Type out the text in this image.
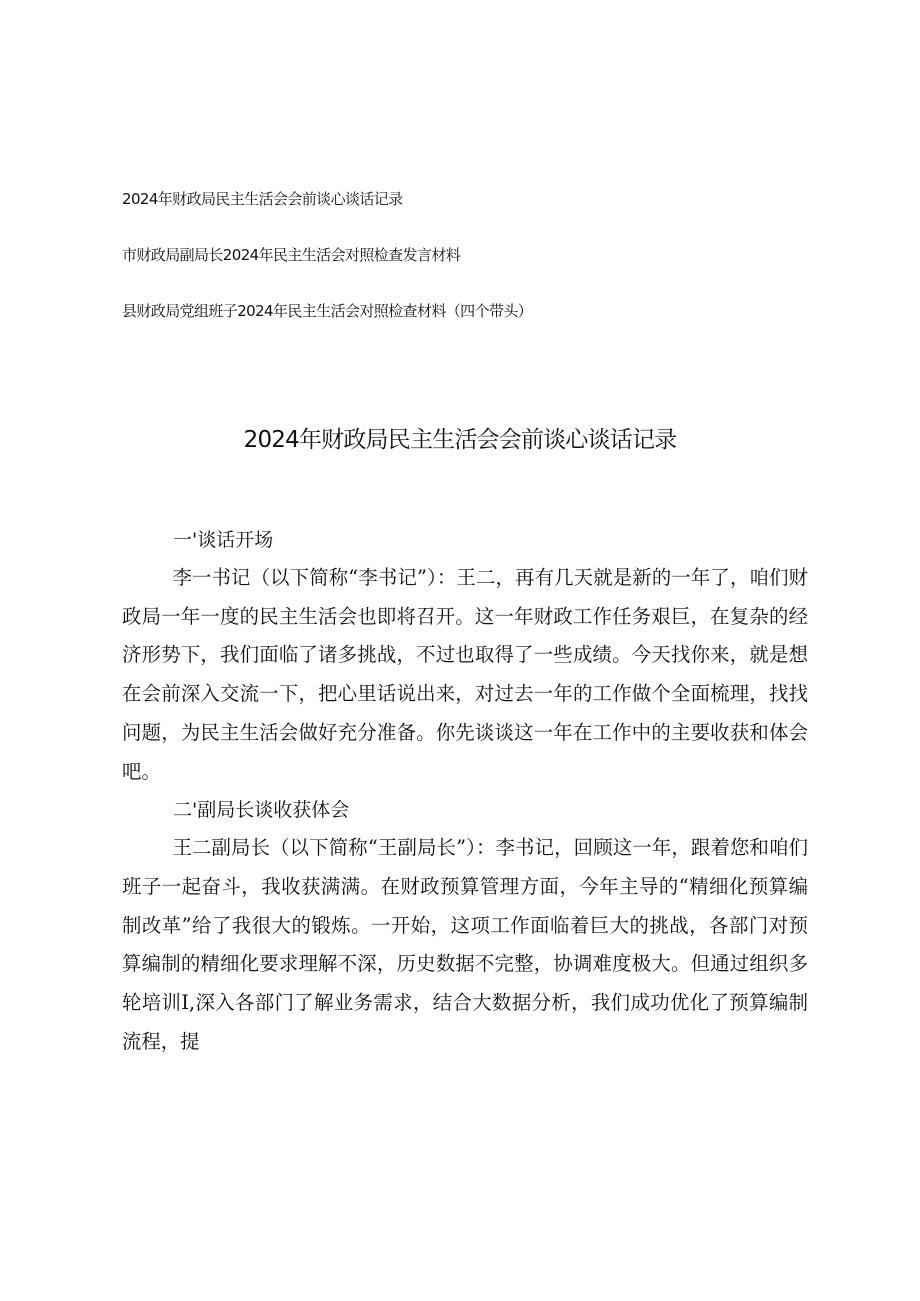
2024年财政局民主生活会会前谈心谈话记录
市财政局副局长2024年民主生活会对照检查发言材料
县财政局党组班子2024年民主生活会对照检查材料（四个带头）
2024年财政局民主生活会会前谈心谈话记录
一'谈话开场

李一书记（以下简称“李书记”）：王二，再有几天就是新的一年了，咱们财政局一年一度的民主生活会也即将召开。这一年财政工作任务艰巨，在复杂的经济形势下，我们面临了诸多挑战，不过也取得了一些成绩。今天找你来，就是想在会前深入交流一下，把心里话说出来，对过去一年的工作做个全面梳理，找找问题，为民主生活会做好充分准备。你先谈谈这一年在工作中的主要收获和体会吧。

二'副局长谈收获体会

王二副局长（以下简称“王副局长”）：李书记，回顾这一年，跟着您和咱们班子一起奋斗，我收获满满。在财政预算管理方面，今年主导的“精细化预算编制改革”给了我很大的锻炼。一开始，这项工作面临着巨大的挑战，各部门对预算编制的精细化要求理解不深，历史数据不完整，协调难度极大。但通过组织多轮培训I,深入各部门了解业务需求，结合大数据分析，我们成功优化了预算编制流程，提
